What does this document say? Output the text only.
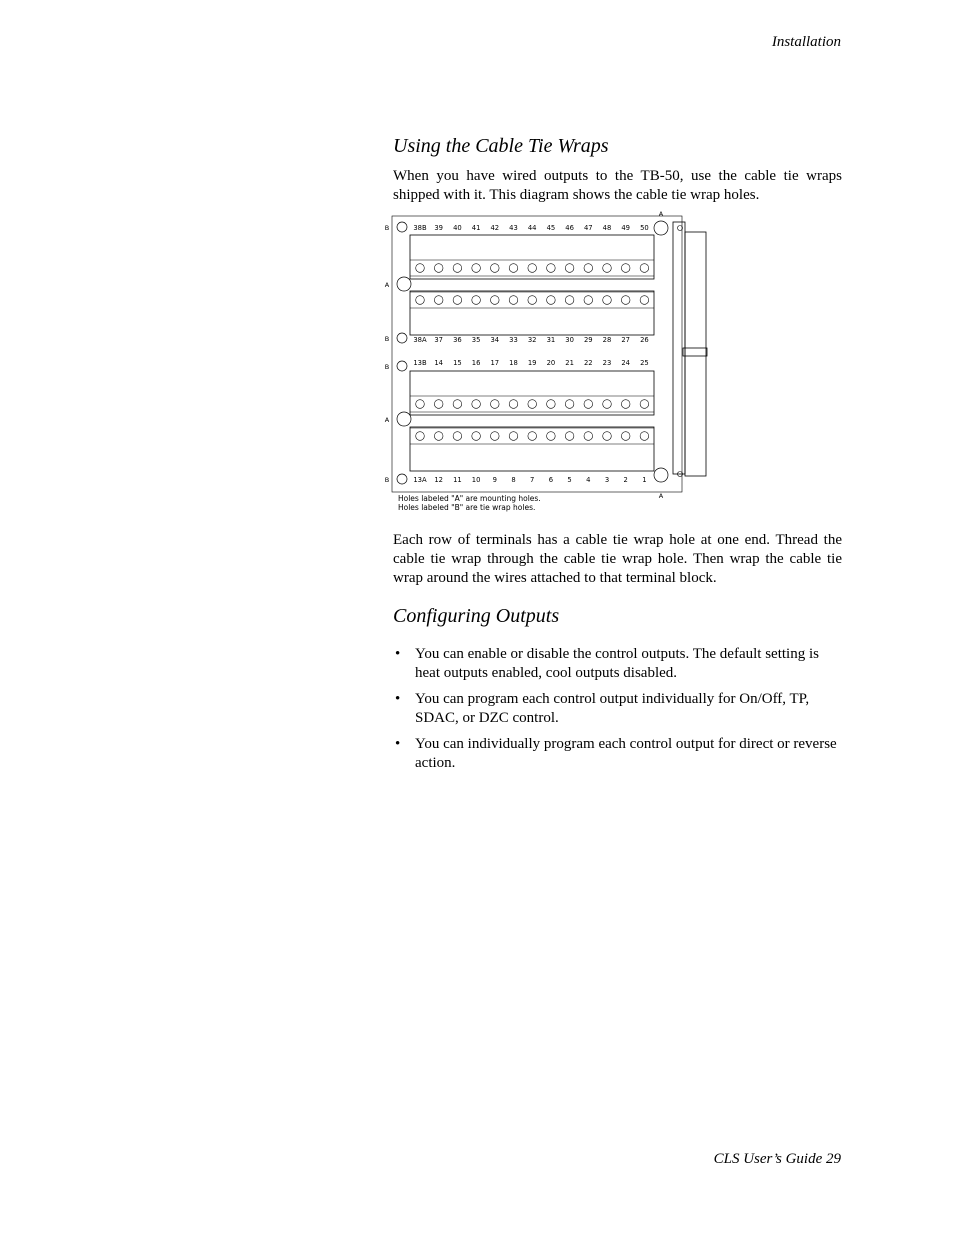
Installation
Using the Cable Tie Wraps

When you have wired outputs to the TB-50, use the cable tie wraps shipped with it. This diagram shows the cable tie wrap holes.

38B 39 40 41 42 43 44 45 46 47 48 49 50
38A 37 36 35 34 33 32 31 30 29 28 27 26
13B 14 15 16 17 18 19 20 21 22 23 24 25
13A 12 11 10 9 8 7 6 5 4 3 2 1
B
B
B
B
A
A
A
A
Holes labeled "A" are mounting holes.
Holes labeled "B" are tie wrap holes.

Each row of terminals has a cable tie wrap hole at one end. Thread the cable tie wrap through the cable tie wrap hole. Then wrap the cable tie wrap around the wires attached to that terminal block.

Configuring Outputs
• You can enable or disable the control outputs. The default setting is heat outputs enabled, cool outputs disabled.
• You can program each control output individually for On/Off, TP, SDAC, or DZC control.
• You can individually program each control output for direct or reverse action.
CLS User’s Guide 29
